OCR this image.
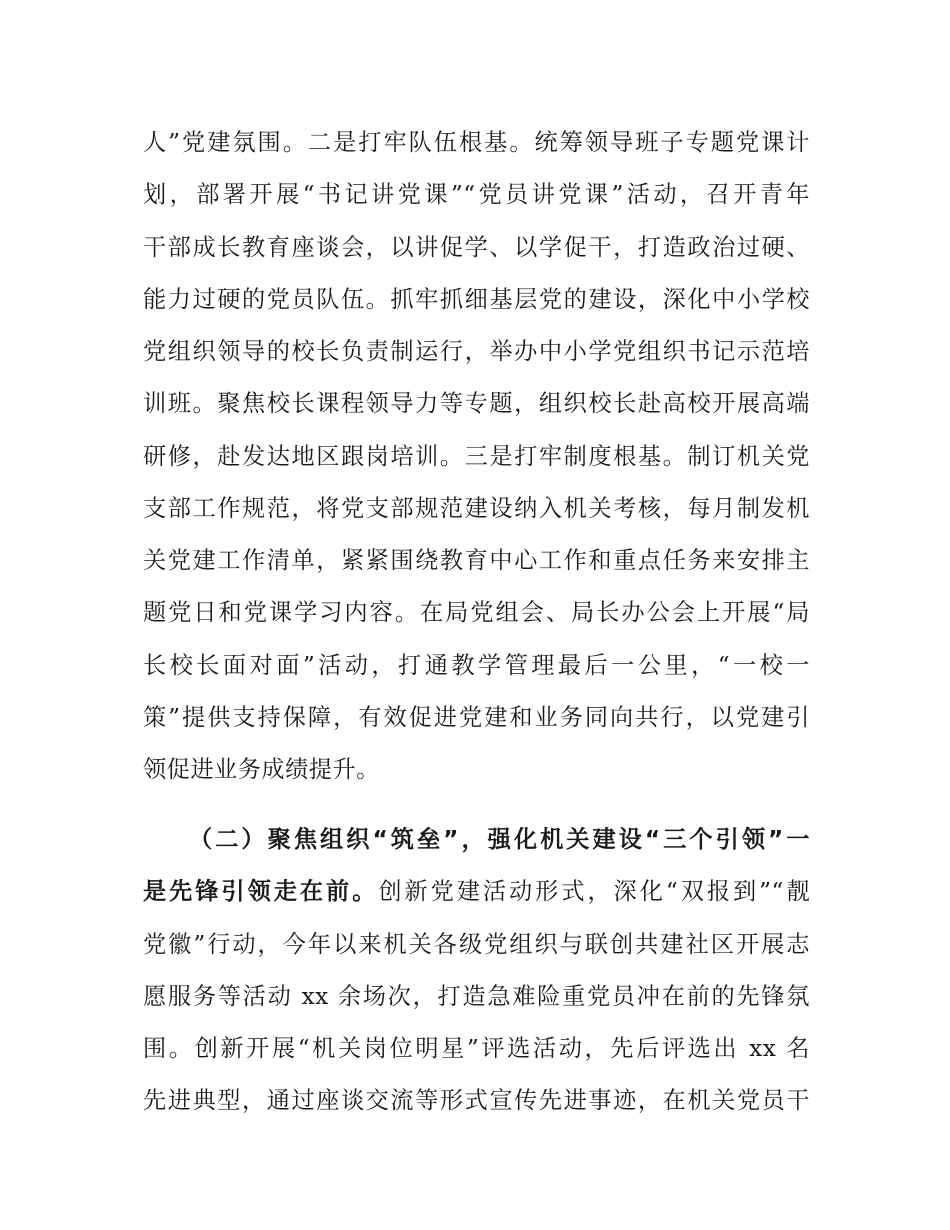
人”党建氛围。二是打牢队伍根基。统筹领导班子专题党课计
划，部署开展“书记讲党课”“党员讲党课”活动，召开青年
干部成长教育座谈会，以讲促学、以学促干，打造政治过硬、
能力过硬的党员队伍。抓牢抓细基层党的建设，深化中小学校
党组织领导的校长负责制运行，举办中小学党组织书记示范培
训班。聚焦校长课程领导力等专题，组织校长赴高校开展高端
研修，赴发达地区跟岗培训。三是打牢制度根基。制订机关党
支部工作规范，将党支部规范建设纳入机关考核，每月制发机
关党建工作清单，紧紧围绕教育中心工作和重点任务来安排主
题党日和党课学习内容。在局党组会、局长办公会上开展“局
长校长面对面”活动，打通教学管理最后一公里，“一校一
策”提供支持保障，有效促进党建和业务同向共行，以党建引
领促进业务成绩提升。
（二）聚焦组织“筑垒”，强化机关建设“三个引领”一
是先锋引领走在前。创新党建活动形式，深化“双报到”“靓
党徽”行动，今年以来机关各级党组织与联创共建社区开展志
愿服务等活动 xx 余场次，打造急难险重党员冲在前的先锋氛
围。创新开展“机关岗位明星”评选活动，先后评选出 xx 名
先进典型，通过座谈交流等形式宣传先进事迹，在机关党员干
